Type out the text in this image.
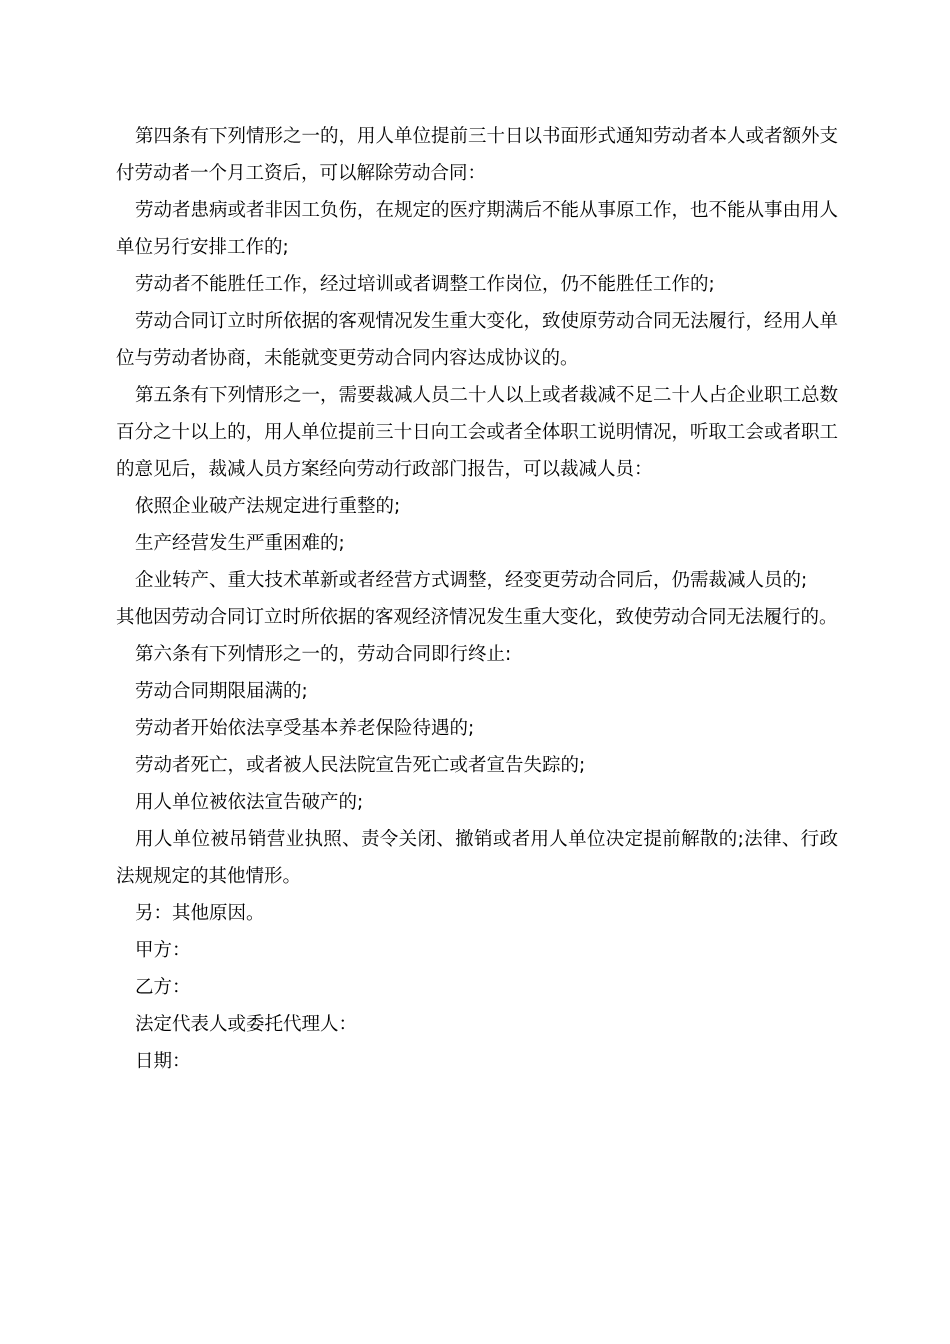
第四条有下列情形之一的，用人单位提前三十日以书面形式通知劳动者本人或者额外支付劳动者一个月工资后，可以解除劳动合同：

劳动者患病或者非因工负伤，在规定的医疗期满后不能从事原工作，也不能从事由用人单位另行安排工作的;

劳动者不能胜任工作，经过培训或者调整工作岗位，仍不能胜任工作的;

劳动合同订立时所依据的客观情况发生重大变化，致使原劳动合同无法履行，经用人单位与劳动者协商，未能就变更劳动合同内容达成协议的。

第五条有下列情形之一，需要裁减人员二十人以上或者裁减不足二十人占企业职工总数百分之十以上的，用人单位提前三十日向工会或者全体职工说明情况，听取工会或者职工的意见后，裁减人员方案经向劳动行政部门报告，可以裁减人员：

依照企业破产法规定进行重整的;

生产经营发生严重困难的;

企业转产、重大技术革新或者经营方式调整，经变更劳动合同后，仍需裁减人员的;

其他因劳动合同订立时所依据的客观经济情况发生重大变化，致使劳动合同无法履行的。

第六条有下列情形之一的，劳动合同即行终止:

劳动合同期限届满的;

劳动者开始依法享受基本养老保险待遇的;

劳动者死亡，或者被人民法院宣告死亡或者宣告失踪的;

用人单位被依法宣告破产的;

用人单位被吊销营业执照、责令关闭、撤销或者用人单位决定提前解散的;法律、行政法规规定的其他情形。

另：其他原因。

甲方：

乙方：

法定代表人或委托代理人：

日期：
